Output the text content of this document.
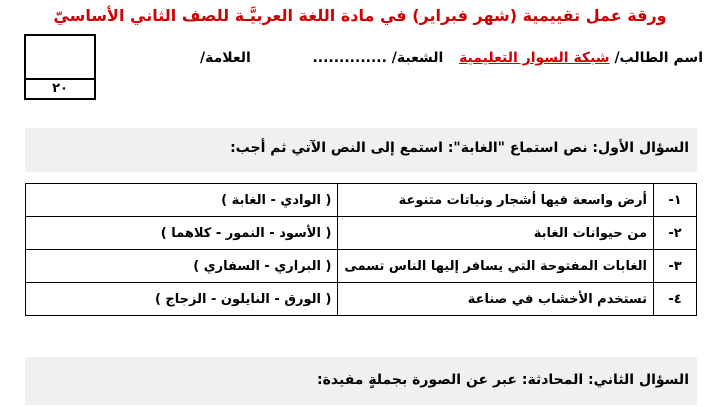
ورقة عمل تقييمية (شهر فبراير) في مادة اللغة العربيَّـة للصف الثاني الأساسيّ
٢٠
اسم الطالب/ شبكة السوار التعليمية  الشعبة/ ..............
العلامة/
السؤال الأول: نص استماع "الغابة": استمع إلى النص الآتي ثم أجب:
١-	أرض واسعة فيها أشجار ونباتات متنوعة	( الوادي - الغابة )
٢-	من حيوانات الغابة	( الأسود - النمور - كلاهما )
٣-	الغابات المفتوحة التي يسافر إليها الناس تسمى	( البراري - السفاري )
٤-	تستخدم الأخشاب في صناعة	( الورق - النايلون - الزجاج )
السؤال الثاني: المحادثة: عبر عن الصورة بجملةٍ مفيدة:
